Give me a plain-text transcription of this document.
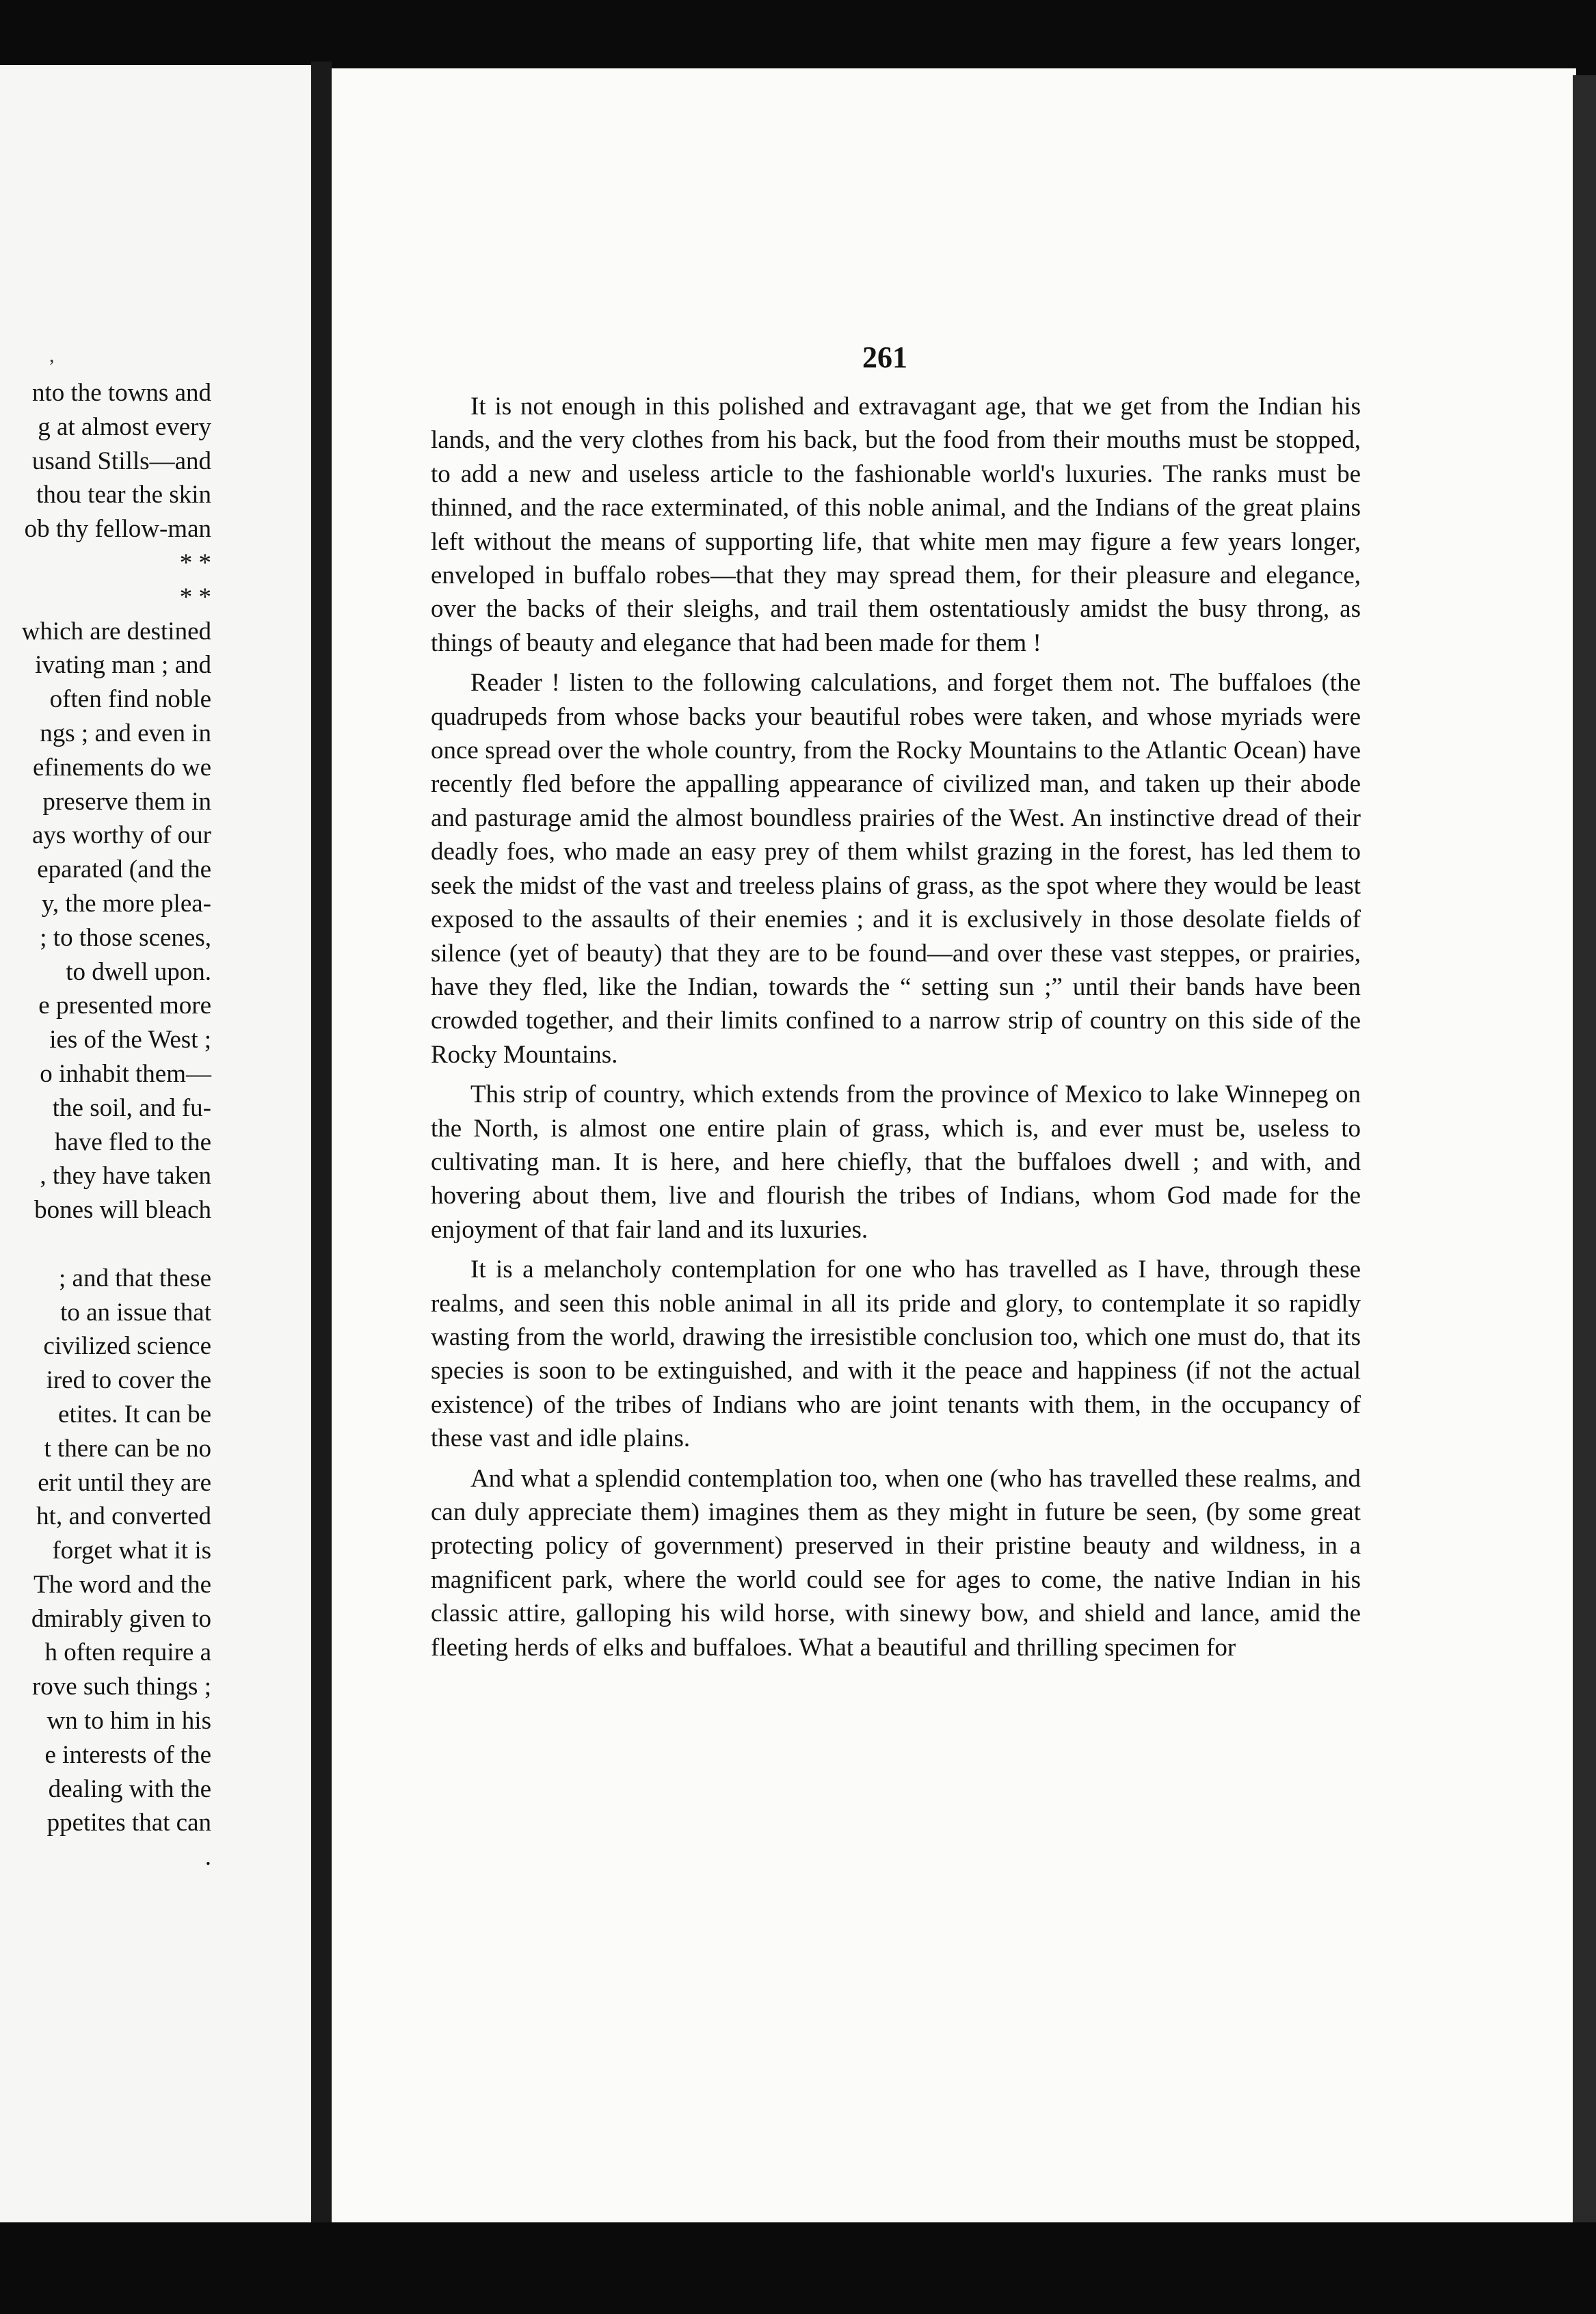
,
nto the towns and
g at almost every
usand Stills—and
thou tear the skin
ob thy fellow-man
* *
* *
which are destined
ivating man ; and
often find noble
ngs ; and even in
efinements do we
preserve them in
ays worthy of our
eparated (and the
y, the more plea-
; to those scenes,
to dwell upon.
e presented more
ies of the West ;
o inhabit them—
the soil, and fu-
have fled to the
, they have taken
bones will bleach
; and that these
to an issue that
civilized science
ired to cover the
etites. It can be
t there can be no
erit until they are
ht, and converted
forget what it is
The word and the
dmirably given to
h often require a
rove such things ;
wn to him in his
e interests of the
dealing with the
ppetites that can
.
261

It is not enough in this polished and extravagant age, that we get from the Indian his lands, and the very clothes from his back, but the food from their mouths must be stopped, to add a new and useless article to the fashionable world's luxuries. The ranks must be thinned, and the race exterminated, of this noble animal, and the Indians of the great plains left without the means of supporting life, that white men may figure a few years longer, enveloped in buffalo robes—that they may spread them, for their pleasure and elegance, over the backs of their sleighs, and trail them ostentatiously amidst the busy throng, as things of beauty and elegance that had been made for them !

Reader ! listen to the following calculations, and forget them not. The buffaloes (the quadrupeds from whose backs your beautiful robes were taken, and whose myriads were once spread over the whole country, from the Rocky Mountains to the Atlantic Ocean) have recently fled before the appalling appearance of civilized man, and taken up their abode and pasturage amid the almost boundless prairies of the West. An instinctive dread of their deadly foes, who made an easy prey of them whilst grazing in the forest, has led them to seek the midst of the vast and treeless plains of grass, as the spot where they would be least exposed to the assaults of their enemies ; and it is exclusively in those desolate fields of silence (yet of beauty) that they are to be found—and over these vast steppes, or prairies, have they fled, like the Indian, towards the “ setting sun ;” until their bands have been crowded together, and their limits confined to a narrow strip of country on this side of the Rocky Mountains.

This strip of country, which extends from the province of Mexico to lake Winnepeg on the North, is almost one entire plain of grass, which is, and ever must be, useless to cultivating man. It is here, and here chiefly, that the buffaloes dwell ; and with, and hovering about them, live and flourish the tribes of Indians, whom God made for the enjoyment of that fair land and its luxuries.

It is a melancholy contemplation for one who has travelled as I have, through these realms, and seen this noble animal in all its pride and glory, to contemplate it so rapidly wasting from the world, drawing the irresistible conclusion too, which one must do, that its species is soon to be extinguished, and with it the peace and happiness (if not the actual existence) of the tribes of Indians who are joint tenants with them, in the occupancy of these vast and idle plains.

And what a splendid contemplation too, when one (who has travelled these realms, and can duly appreciate them) imagines them as they might in future be seen, (by some great protecting policy of government) preserved in their pristine beauty and wildness, in a magnificent park, where the world could see for ages to come, the native Indian in his classic attire, galloping his wild horse, with sinewy bow, and shield and lance, amid the fleeting herds of elks and buffaloes. What a beautiful and thrilling specimen for
